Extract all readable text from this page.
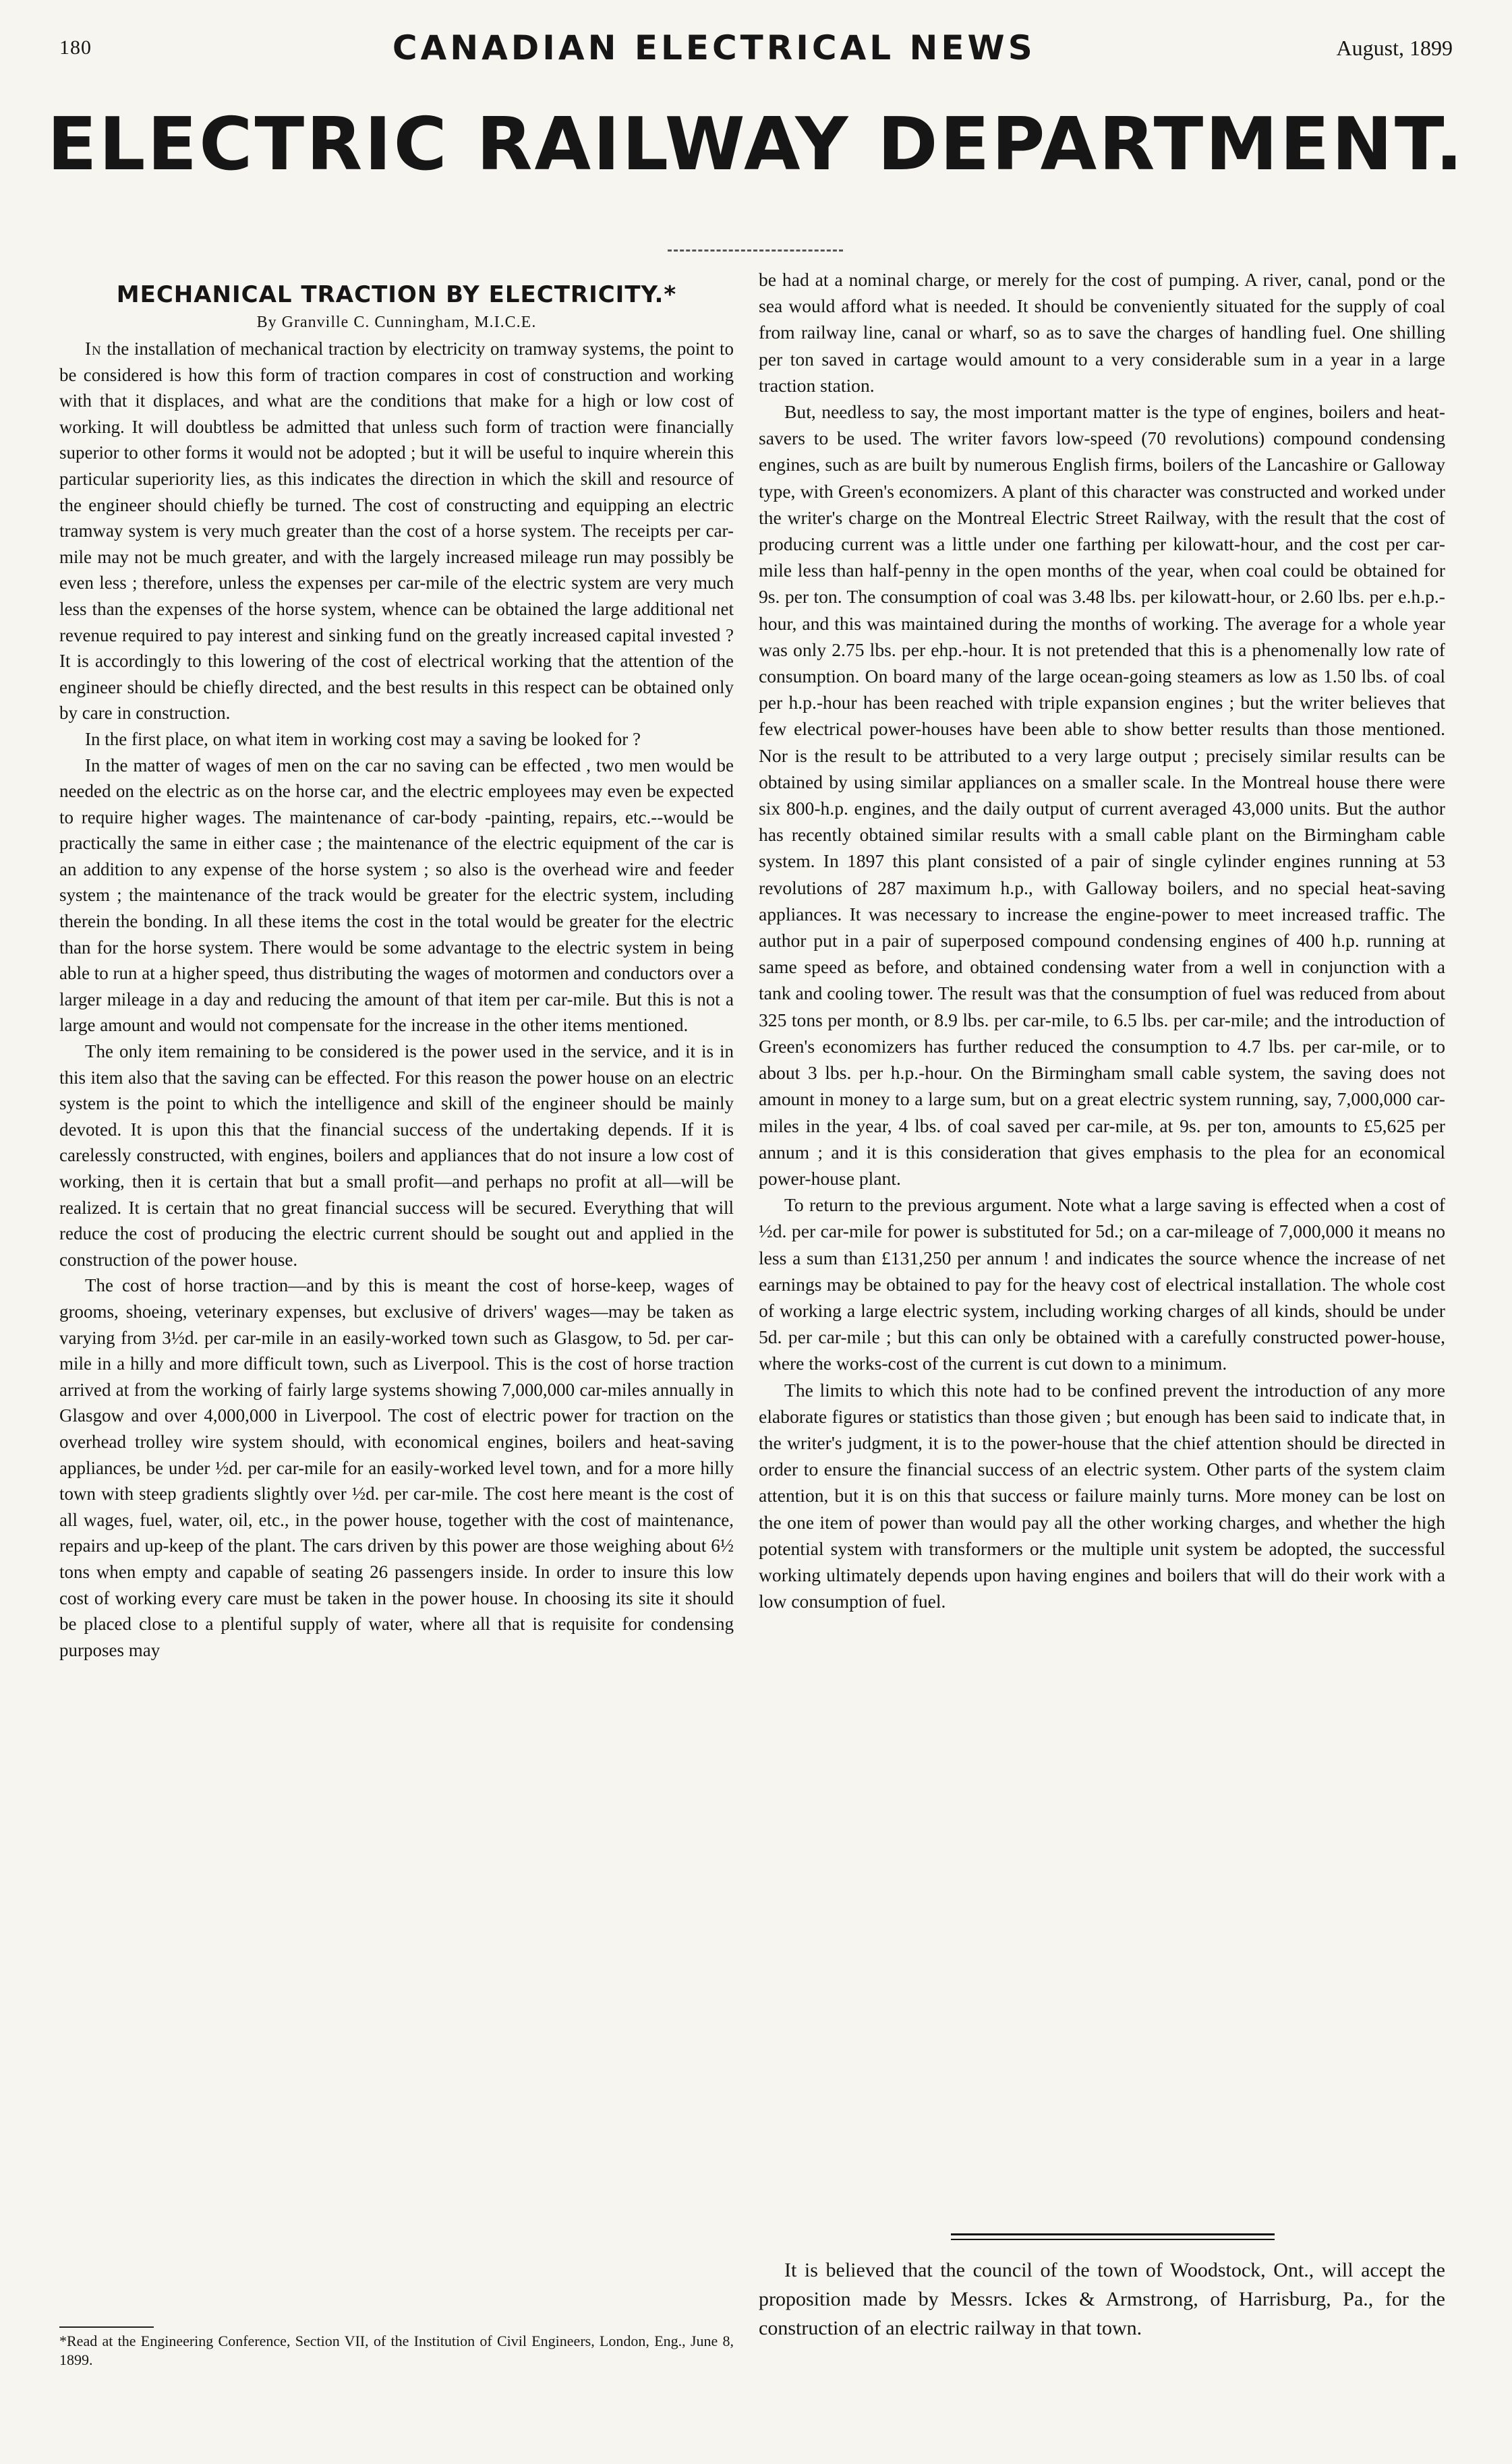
180	CANADIAN ELECTRICAL NEWS	August, 1899
ELECTRIC RAILWAY DEPARTMENT.
MECHANICAL TRACTION BY ELECTRICITY.*
By Granville C. Cunningham, M.I.C.E.

In the installation of mechanical traction by electricity on tramway systems, the point to be considered is how this form of traction compares in cost of construction and working with that it displaces, and what are the conditions that make for a high or low cost of working. It will doubtless be admitted that unless such form of traction were financially superior to other forms it would not be adopted ; but it will be useful to inquire wherein this particular superiority lies, as this indicates the direction in which the skill and resource of the engineer should chiefly be turned. The cost of constructing and equipping an electric tramway system is very much greater than the cost of a horse system. The receipts per car-mile may not be much greater, and with the largely increased mileage run may possibly be even less ; therefore, unless the expenses per car-mile of the electric system are very much less than the expenses of the horse system, whence can be obtained the large additional net revenue required to pay interest and sinking fund on the greatly increased capital invested ? It is accordingly to this lowering of the cost of electrical working that the attention of the engineer should be chiefly directed, and the best results in this respect can be obtained only by care in construction.

In the first place, on what item in working cost may a saving be looked for ?

In the matter of wages of men on the car no saving can be effected , two men would be needed on the electric as on the horse car, and the electric employees may even be expected to require higher wages. The maintenance of car-body -painting, repairs, etc.--would be practically the same in either case ; the maintenance of the electric equipment of the car is an addition to any expense of the horse system ; so also is the overhead wire and feeder system ; the maintenance of the track would be greater for the electric system, including therein the bonding. In all these items the cost in the total would be greater for the electric than for the horse system. There would be some advantage to the electric system in being able to run at a higher speed, thus distributing the wages of motormen and conductors over a larger mileage in a day and reducing the amount of that item per car-mile. But this is not a large amount and would not compensate for the increase in the other items mentioned.

The only item remaining to be considered is the power used in the service, and it is in this item also that the saving can be effected. For this reason the power house on an electric system is the point to which the intelligence and skill of the engineer should be mainly devoted. It is upon this that the financial success of the undertaking depends. If it is carelessly constructed, with engines, boilers and appliances that do not insure a low cost of working, then it is certain that but a small profit—and perhaps no profit at all—will be realized. It is certain that no great financial success will be secured. Everything that will reduce the cost of producing the electric current should be sought out and applied in the construction of the power house.

The cost of horse traction—and by this is meant the cost of horse-keep, wages of grooms, shoeing, veterinary expenses, but exclusive of drivers' wages—may be taken as varying from 3½d. per car-mile in an easily-worked town such as Glasgow, to 5d. per car-mile in a hilly and more difficult town, such as Liverpool. This is the cost of horse traction arrived at from the working of fairly large systems showing 7,000,000 car-miles annually in Glasgow and over 4,000,000 in Liverpool. The cost of electric power for traction on the overhead trolley wire system should, with economical engines, boilers and heat-saving appliances, be under ½d. per car-mile for an easily-worked level town, and for a more hilly town with steep gradients slightly over ½d. per car-mile. The cost here meant is the cost of all wages, fuel, water, oil, etc., in the power house, together with the cost of maintenance, repairs and up-keep of the plant. The cars driven by this power are those weighing about 6½ tons when empty and capable of seating 26 passengers inside. In order to insure this low cost of working every care must be taken in the power house. In choosing its site it should be placed close to a plentiful supply of water, where all that is requisite for condensing purposes may

*Read at the Engineering Conference, Section VII, of the Institution of Civil Engineers, London, Eng., June 8, 1899.

be had at a nominal charge, or merely for the cost of pumping. A river, canal, pond or the sea would afford what is needed. It should be conveniently situated for the supply of coal from railway line, canal or wharf, so as to save the charges of handling fuel. One shilling per ton saved in cartage would amount to a very considerable sum in a year in a large traction station.

But, needless to say, the most important matter is the type of engines, boilers and heat-savers to be used. The writer favors low-speed (70 revolutions) compound condensing engines, such as are built by numerous English firms, boilers of the Lancashire or Galloway type, with Green's economizers. A plant of this character was constructed and worked under the writer's charge on the Montreal Electric Street Railway, with the result that the cost of producing current was a little under one farthing per kilowatt-hour, and the cost per car-mile less than half-penny in the open months of the year, when coal could be obtained for 9s. per ton. The consumption of coal was 3.48 lbs. per kilowatt-hour, or 2.60 lbs. per e.h.p.-hour, and this was maintained during the months of working. The average for a whole year was only 2.75 lbs. per ehp.-hour. It is not pretended that this is a phenomenally low rate of consumption. On board many of the large ocean-going steamers as low as 1.50 lbs. of coal per h.p.-hour has been reached with triple expansion engines ; but the writer believes that few electrical power-houses have been able to show better results than those mentioned. Nor is the result to be attributed to a very large output ; precisely similar results can be obtained by using similar appliances on a smaller scale. In the Montreal house there were six 800-h.p. engines, and the daily output of current averaged 43,000 units. But the author has recently obtained similar results with a small cable plant on the Birmingham cable system. In 1897 this plant consisted of a pair of single cylinder engines running at 53 revolutions of 287 maximum h.p., with Galloway boilers, and no special heat-saving appliances. It was necessary to increase the engine-power to meet increased traffic. The author put in a pair of superposed compound condensing engines of 400 h.p. running at same speed as before, and obtained condensing water from a well in conjunction with a tank and cooling tower. The result was that the consumption of fuel was reduced from about 325 tons per month, or 8.9 lbs. per car-mile, to 6.5 lbs. per car-mile; and the introduction of Green's economizers has further reduced the consumption to 4.7 lbs. per car-mile, or to about 3 lbs. per h.p.-hour. On the Birmingham small cable system, the saving does not amount in money to a large sum, but on a great electric system running, say, 7,000,000 car-miles in the year, 4 lbs. of coal saved per car-mile, at 9s. per ton, amounts to £5,625 per annum ; and it is this consideration that gives emphasis to the plea for an economical power-house plant.

To return to the previous argument. Note what a large saving is effected when a cost of ½d. per car-mile for power is substituted for 5d.; on a car-mileage of 7,000,000 it means no less a sum than £131,250 per annum ! and indicates the source whence the increase of net earnings may be obtained to pay for the heavy cost of electrical installation. The whole cost of working a large electric system, including working charges of all kinds, should be under 5d. per car-mile ; but this can only be obtained with a carefully constructed power-house, where the works-cost of the current is cut down to a minimum.

The limits to which this note had to be confined prevent the introduction of any more elaborate figures or statistics than those given ; but enough has been said to indicate that, in the writer's judgment, it is to the power-house that the chief attention should be directed in order to ensure the financial success of an electric system. Other parts of the system claim attention, but it is on this that success or failure mainly turns. More money can be lost on the one item of power than would pay all the other working charges, and whether the high potential system with transformers or the multiple unit system be adopted, the successful working ultimately depends upon having engines and boilers that will do their work with a low consumption of fuel.

It is believed that the council of the town of Woodstock, Ont., will accept the proposition made by Messrs. Ickes & Armstrong, of Harrisburg, Pa., for the construction of an electric railway in that town.
